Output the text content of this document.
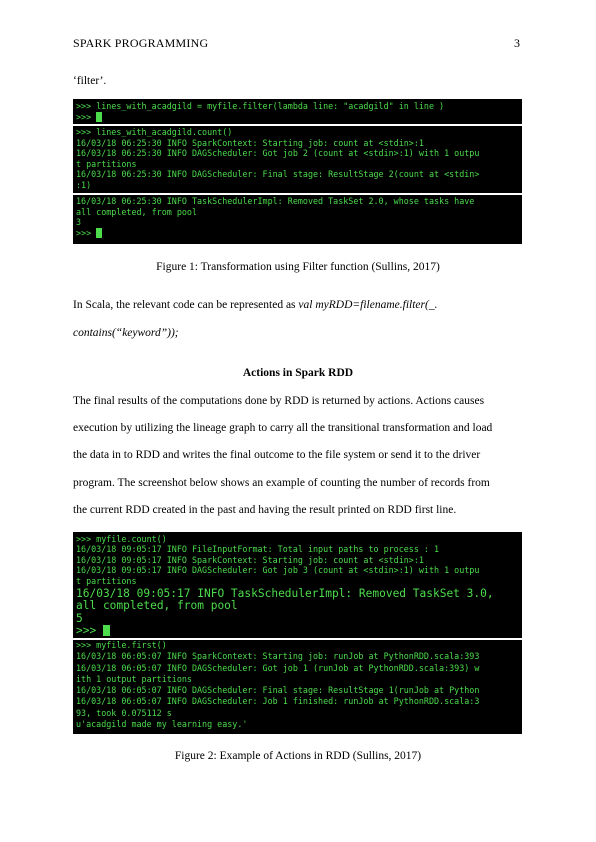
SPARK PROGRAMMING	3
‘filter’.
>>> lines_with_acadgild = myfile.filter(lambda line: "acadgild" in line )
>>>
>>> lines_with_acadgild.count()
16/03/18 06:25:30 INFO SparkContext: Starting job: count at <stdin>:1
16/03/18 06:25:30 INFO DAGScheduler: Got job 2 (count at <stdin>:1) with 1 outpu
t partitions
16/03/18 06:25:30 INFO DAGScheduler: Final stage: ResultStage 2(count at <stdin>
:1)
16/03/18 06:25:30 INFO TaskSchedulerImpl: Removed TaskSet 2.0, whose tasks have
all completed, from pool
3
>>>
Figure 1: Transformation using Filter function (Sullins, 2017)
In Scala, the relevant code can be represented as val myRDD=filename.filter(_.
contains(“keyword”));
Actions in Spark RDD
The final results of the computations done by RDD is returned by actions. Actions causes
execution by utilizing the lineage graph to carry all the transitional transformation and load
the data in to RDD and writes the final outcome to the file system or send it to the driver
program. The screenshot below shows an example of counting the number of records from
the current RDD created in the past and having the result printed on RDD first line.
>>> myfile.count()
16/03/18 09:05:17 INFO FileInputFormat: Total input paths to process : 1
16/03/18 09:05:17 INFO SparkContext: Starting job: count at <stdin>:1
16/03/18 09:05:17 INFO DAGScheduler: Got job 3 (count at <stdin>:1) with 1 outpu
t partitions
16/03/18 09:05:17 INFO TaskSchedulerImpl: Removed TaskSet 3.0,
all completed, from pool
5
>>>
>>> myfile.first()
16/03/18 06:05:07 INFO SparkContext: Starting job: runJob at PythonRDD.scala:393
16/03/18 06:05:07 INFO DAGScheduler: Got job 1 (runJob at PythonRDD.scala:393) w
ith 1 output partitions
16/03/18 06:05:07 INFO DAGScheduler: Final stage: ResultStage 1(runJob at Python
16/03/18 06:05:07 INFO DAGScheduler: Job 1 finished: runJob at PythonRDD.scala:3
93, took 0.075112 s
u'acadgild made my learning easy.'
Figure 2: Example of Actions in RDD (Sullins, 2017)
